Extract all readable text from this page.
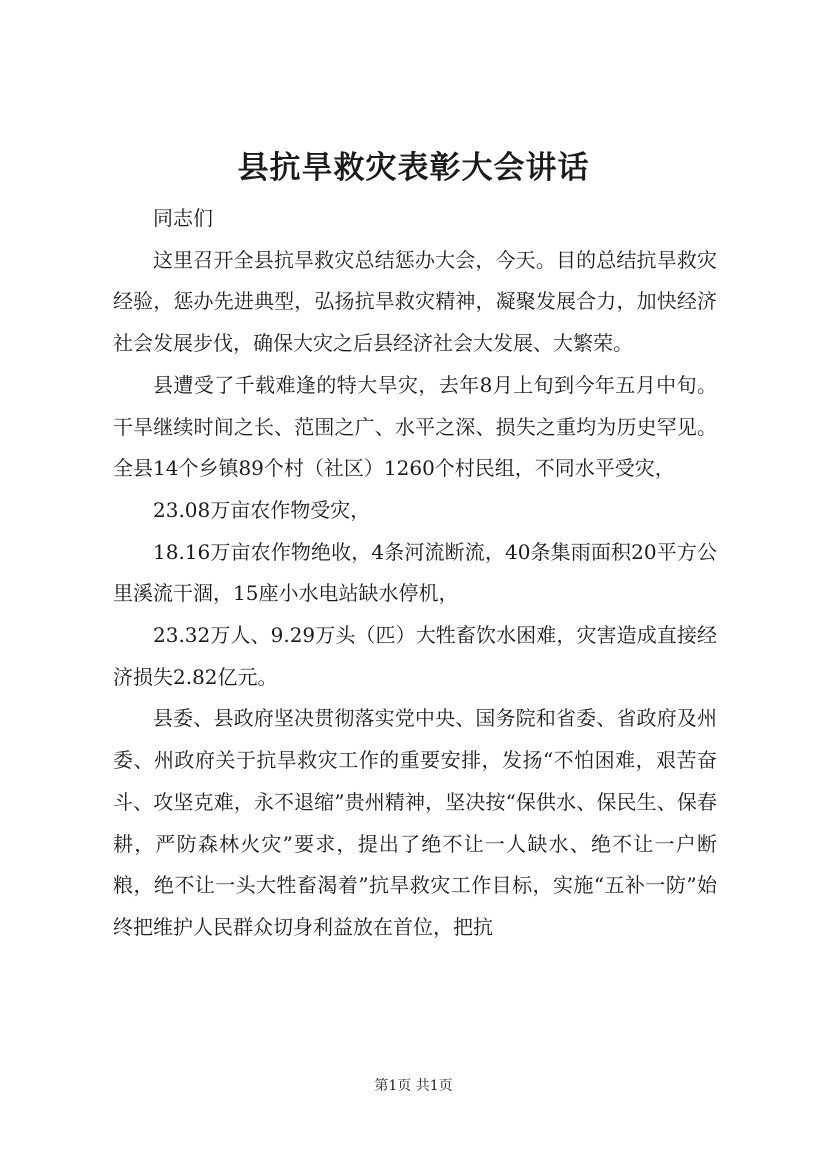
县抗旱救灾表彰大会讲话

同志们

这里召开全县抗旱救灾总结惩办大会，今天。目的总结抗旱救灾经验，惩办先进典型，弘扬抗旱救灾精神，凝聚发展合力，加快经济社会发展步伐，确保大灾之后县经济社会大发展、大繁荣。

县遭受了千载难逢的特大旱灾，去年8月上旬到今年五月中旬。干旱继续时间之长、范围之广、水平之深、损失之重均为历史罕见。全县14个乡镇89个村（社区）1260个村民组，不同水平受灾，

23.08万亩农作物受灾，

18.16万亩农作物绝收，4条河流断流，40条集雨面积20平方公里溪流干涸，15座小水电站缺水停机，

23.32万人、9.29万头（匹）大牲畜饮水困难，灾害造成直接经济损失2.82亿元。

县委、县政府坚决贯彻落实党中央、国务院和省委、省政府及州委、州政府关于抗旱救灾工作的重要安排，发扬“不怕困难，艰苦奋斗、攻坚克难，永不退缩”贵州精神，坚决按“保供水、保民生、保春耕，严防森林火灾”要求，提出了绝不让一人缺水、绝不让一户断粮，绝不让一头大牲畜渴着”抗旱救灾工作目标，实施“五补一防”始终把维护人民群众切身利益放在首位，把抗

第1页 共1页
